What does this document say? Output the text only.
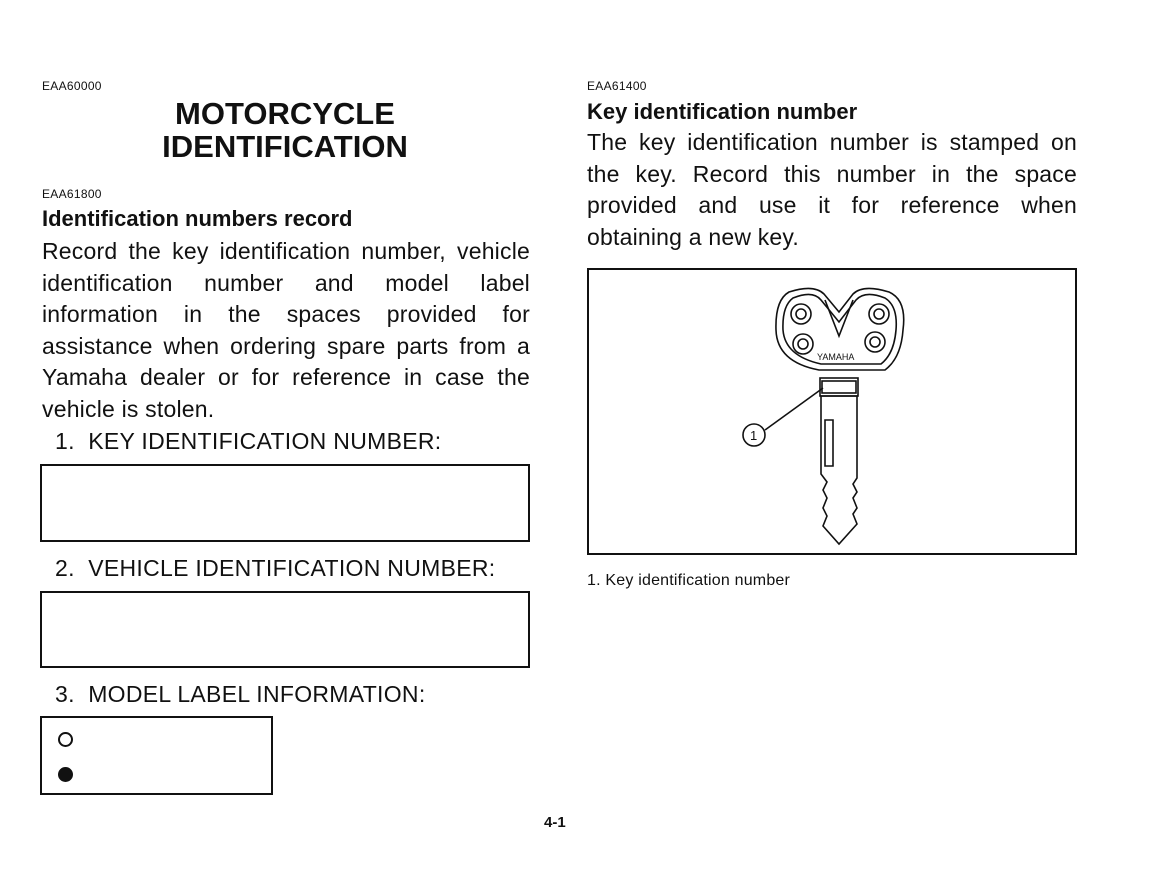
EAA60000
MOTORCYCLE
IDENTIFICATION
EAA61800
Identification numbers record
Record the key identification number, vehicle identification number and model label information in the spaces provided for assistance when ordering spare parts from a Yamaha dealer or for reference in case the vehicle is stolen.
1. KEY IDENTIFICATION NUMBER:
2. VEHICLE IDENTIFICATION NUMBER:
3. MODEL LABEL INFORMATION:
EAA61400
Key identification number
The key identification number is stamped on the key. Record this number in the space provided and use it for reference when obtaining a new key.
YAMAHA
1
1. Key identification number
4-1
